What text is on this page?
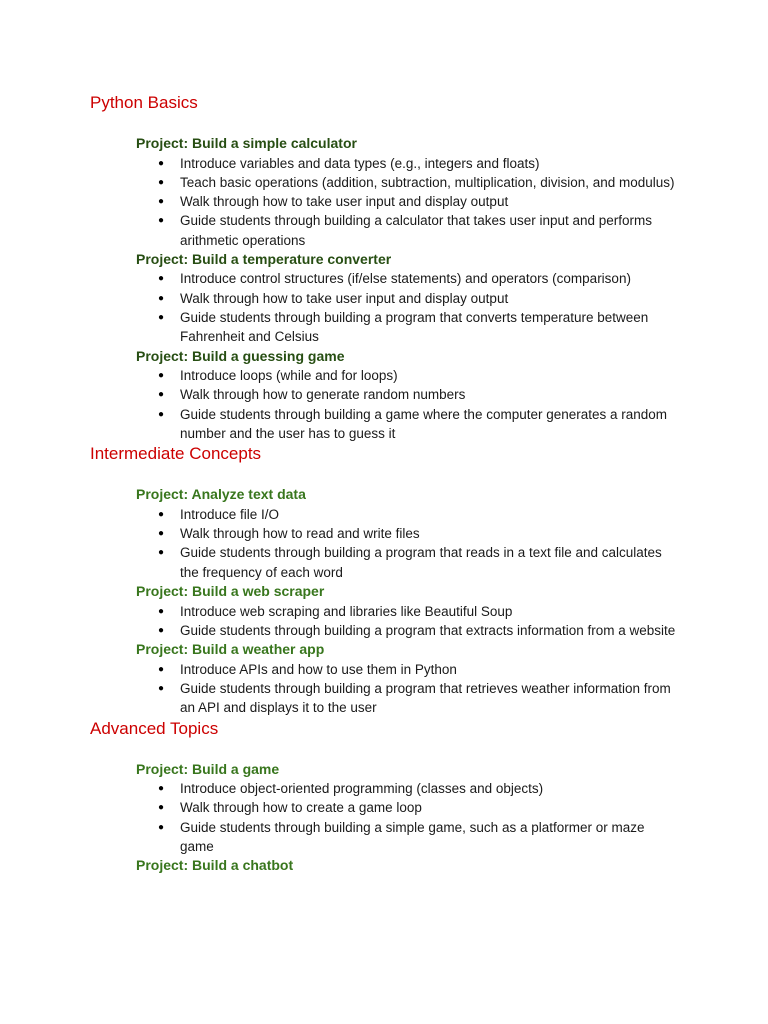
Python Basics
Project: Build a simple calculator
● Introduce variables and data types (e.g., integers and floats)
● Teach basic operations (addition, subtraction, multiplication, division, and modulus)
● Walk through how to take user input and display output
● Guide students through building a calculator that takes user input and performs arithmetic operations
Project: Build a temperature converter
● Introduce control structures (if/else statements) and operators (comparison)
● Walk through how to take user input and display output
● Guide students through building a program that converts temperature between Fahrenheit and Celsius
Project: Build a guessing game
● Introduce loops (while and for loops)
● Walk through how to generate random numbers
● Guide students through building a game where the computer generates a random number and the user has to guess it
Intermediate Concepts
Project: Analyze text data
● Introduce file I/O
● Walk through how to read and write files
● Guide students through building a program that reads in a text file and calculates the frequency of each word
Project: Build a web scraper
● Introduce web scraping and libraries like Beautiful Soup
● Guide students through building a program that extracts information from a website
Project: Build a weather app
● Introduce APIs and how to use them in Python
● Guide students through building a program that retrieves weather information from an API and displays it to the user
Advanced Topics
Project: Build a game
● Introduce object-oriented programming (classes and objects)
● Walk through how to create a game loop
● Guide students through building a simple game, such as a platformer or maze game
Project: Build a chatbot
